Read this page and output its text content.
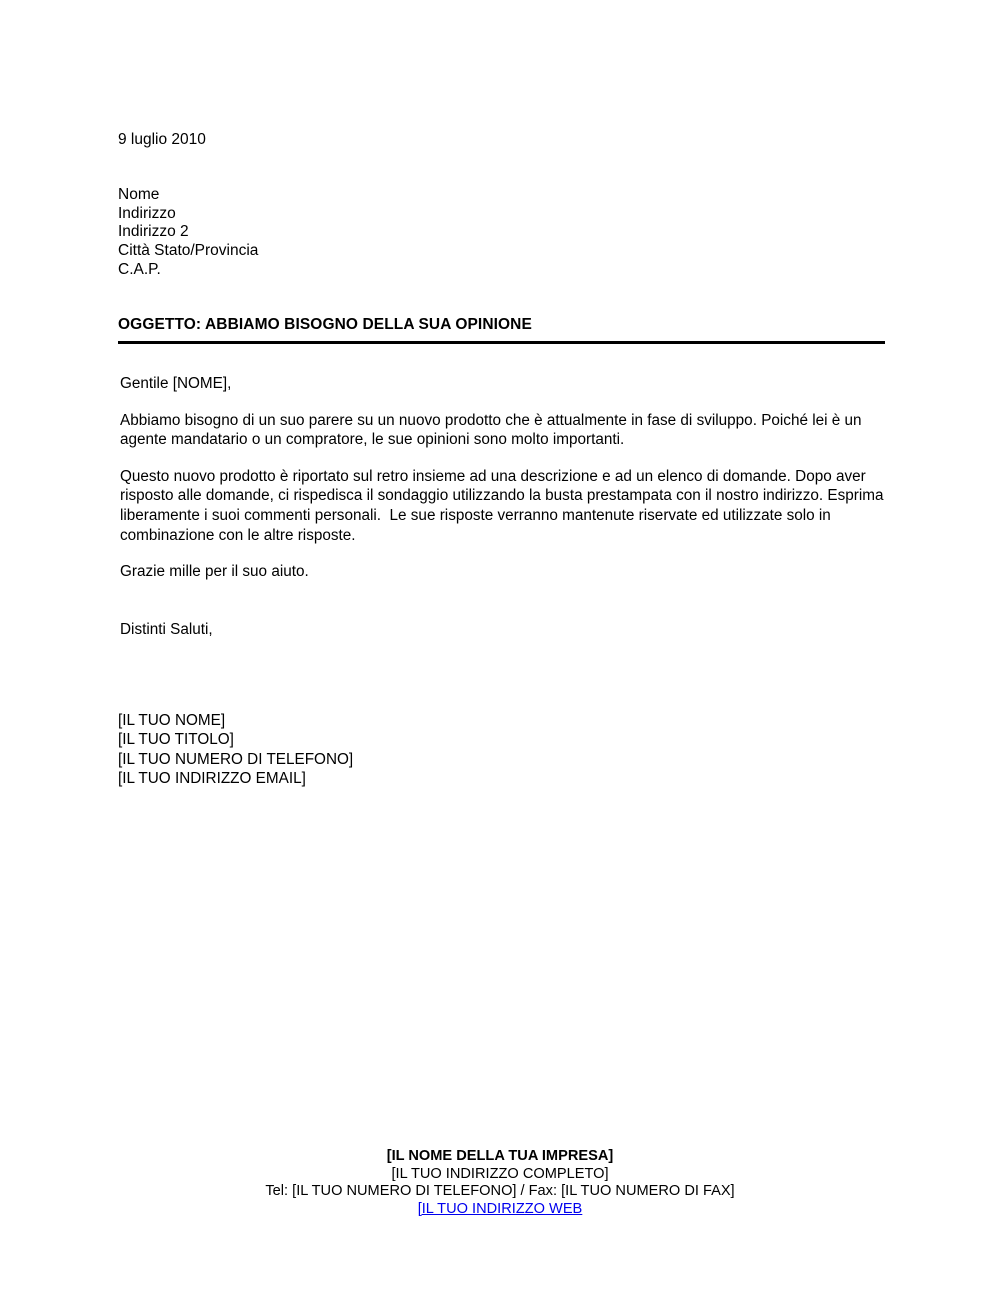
9 luglio 2010
Nome
Indirizzo
Indirizzo 2
Città Stato/Provincia
C.A.P.
OGGETTO: ABBIAMO BISOGNO DELLA SUA OPINIONE

Gentile [NOME],

Abbiamo bisogno di un suo parere su un nuovo prodotto che è attualmente in fase di sviluppo. Poiché lei è un agente mandatario o un compratore, le sue opinioni sono molto importanti.

Questo nuovo prodotto è riportato sul retro insieme ad una descrizione e ad un elenco di domande. Dopo aver risposto alle domande, ci rispedisca il sondaggio utilizzando la busta prestampata con il nostro indirizzo. Esprima liberamente i suoi commenti personali.  Le sue risposte verranno mantenute riservate ed utilizzate solo in combinazione con le altre risposte.

Grazie mille per il suo aiuto.

Distinti Saluti,
[IL TUO NOME]
[IL TUO TITOLO]
[IL TUO NUMERO DI TELEFONO]
[IL TUO INDIRIZZO EMAIL]
[IL NOME DELLA TUA IMPRESA]
[IL TUO INDIRIZZO COMPLETO]
Tel: [IL TUO NUMERO DI TELEFONO] / Fax: [IL TUO NUMERO DI FAX]
[IL TUO INDIRIZZO WEB
